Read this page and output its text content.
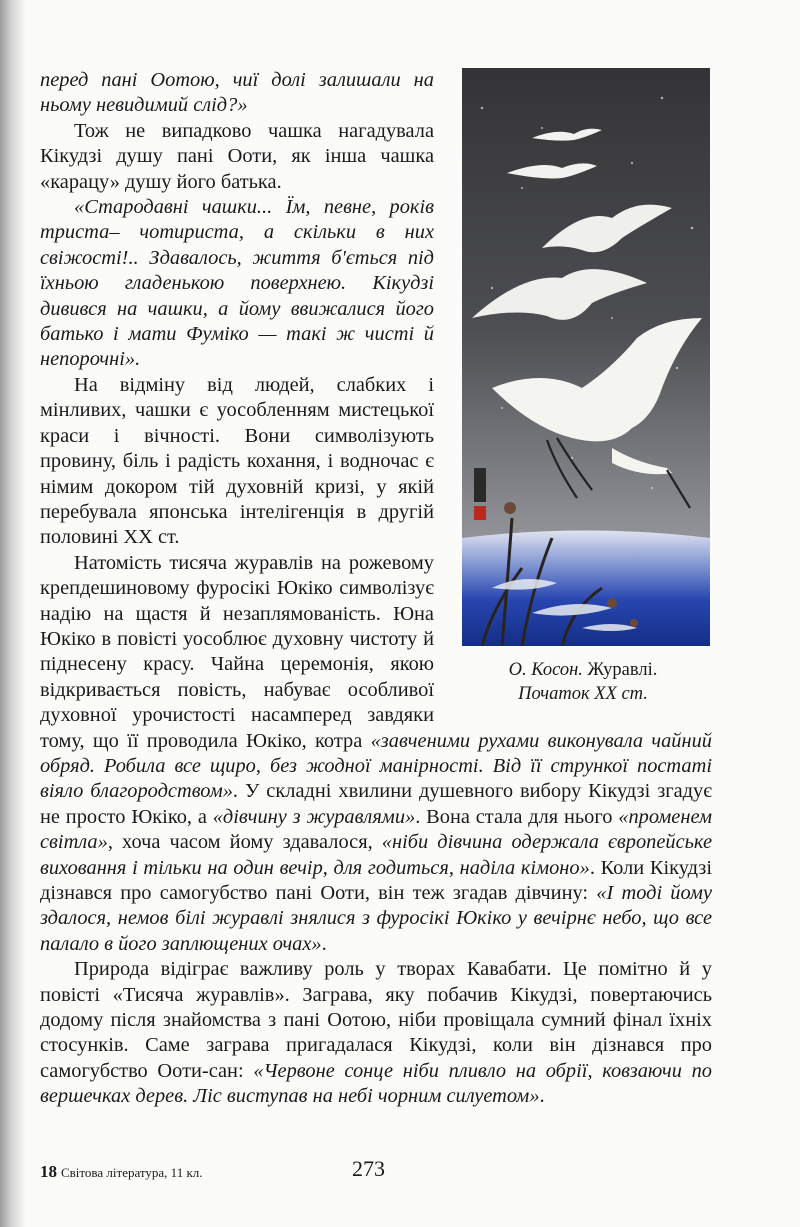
О. Косон. Журавлі.
Початок ХХ ст.

перед пані Оотою, чиї долі залишали на ньому невидимий слід?»

Тож не випадково чашка нагадувала Кікудзі душу пані Ооти, як інша чашка «карацу» душу його батька.

«Стародавні чашки... Їм, певне, років триста– чотириста, а скільки в них свіжості!.. Здавалось, життя б'ється під їхньою гладенькою поверхнею. Кікудзі дивився на чашки, а йому ввижалися його батько і мати Фуміко — такі ж чисті й непорочні».

На відміну від людей, слабких і мінливих, чашки є уособленням мистецької краси і вічності. Вони символізують провину, біль і радість кохання, і водночас є німим докором тій духовній кризі, у якій перебувала японська інтелігенція в другій половині ХХ ст.

Натомість тисяча журавлів на рожевому крепдешиновому фуросікі Юкіко символізує надію на щастя й незаплямованість. Юна Юкіко в повісті уособлює духовну чистоту й піднесену красу. Чайна церемонія, якою відкривається повість, набуває особливої духовної урочистості насамперед завдяки тому, що її проводила Юкіко, котра «завченими рухами виконувала чайний обряд. Робила все щиро, без жодної манірності. Від її стрункої постаті віяло благородством». У складні хвилини душевного вибору Кікудзі згадує не просто Юкіко, а «дівчину з журавлями». Вона стала для нього «променем світла», хоча часом йому здавалося, «ніби дівчина одержала європейське виховання і тільки на один вечір, для годиться, наділа кімоно». Коли Кікудзі дізнався про самогубство пані Ооти, він теж згадав дівчину: «І тоді йому здалося, немов білі журавлі знялися з фуросікі Юкіко у вечірнє небо, що все палало в його заплющених очах».

Природа відіграє важливу роль у творах Кавабати. Це помітно й у повісті «Тисяча журавлів». Заграва, яку побачив Кікудзі, повертаючись додому після знайомства з пані Оотою, ніби провіщала сумний фінал їхніх стосунків. Саме заграва пригадалася Кікудзі, коли він дізнався про самогубство Ооти-сан: «Червоне сонце ніби пливло на обрії, ковзаючи по вершечках дерев. Ліс виступав на небі чорним силуетом».

18 Світова література, 11 кл.	273
